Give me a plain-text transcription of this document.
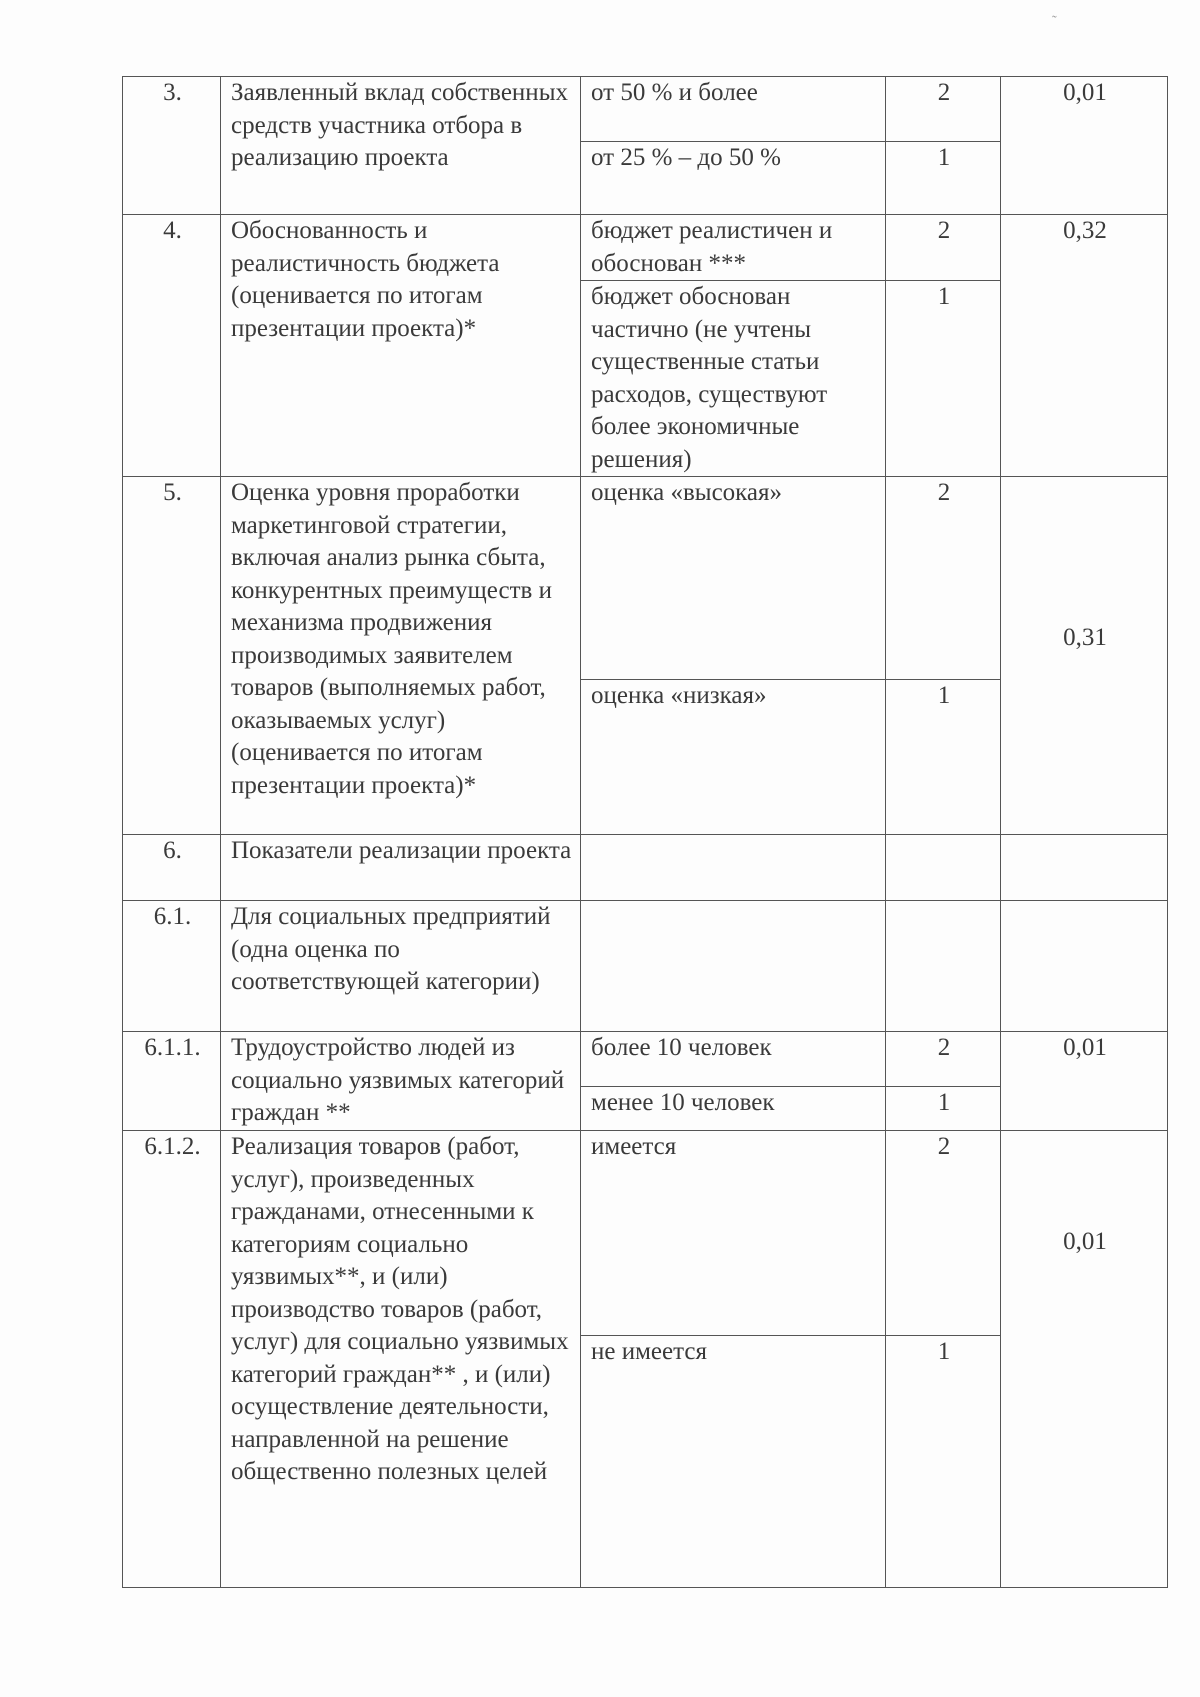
˜
3.	Заявленный вклад собственных средств участника отбора в реализацию проекта	от 50 % и более	2	0,01
		от 25 % – до 50 %	1	
4.	Обоснованность и реалистичность бюджета (оценивается по итогам презентации проекта)*	бюджет реалистичен и обоснован ***	2	0,32
		бюджет обоснован частично (не учтены существенные статьи расходов, существуют более экономичные решения)	1	
5.	Оценка уровня проработки маркетинговой стратегии, включая анализ рынка сбыта, конкурентных преимуществ и механизма продвижения производимых заявителем товаров (выполняемых работ, оказываемых услуг) (оценивается по итогам презентации проекта)*	оценка «высокая»	2	0,31
		оценка «низкая»	1	
6.	Показатели реализации проекта			
6.1.	Для социальных предприятий (одна оценка по соответствующей категории)			
6.1.1.	Трудоустройство людей из социально уязвимых категорий граждан **	более 10 человек	2	0,01
		менее 10 человек	1	
6.1.2.	Реализация товаров (работ, услуг), произведенных гражданами, отнесенными к категориям социально уязвимых**, и (или) производство товаров (работ, услуг) для социально уязвимых категорий граждан** , и (или) осуществление деятельности, направленной на решение общественно полезных целей	имеется	2	0,01
		не имеется	1	
